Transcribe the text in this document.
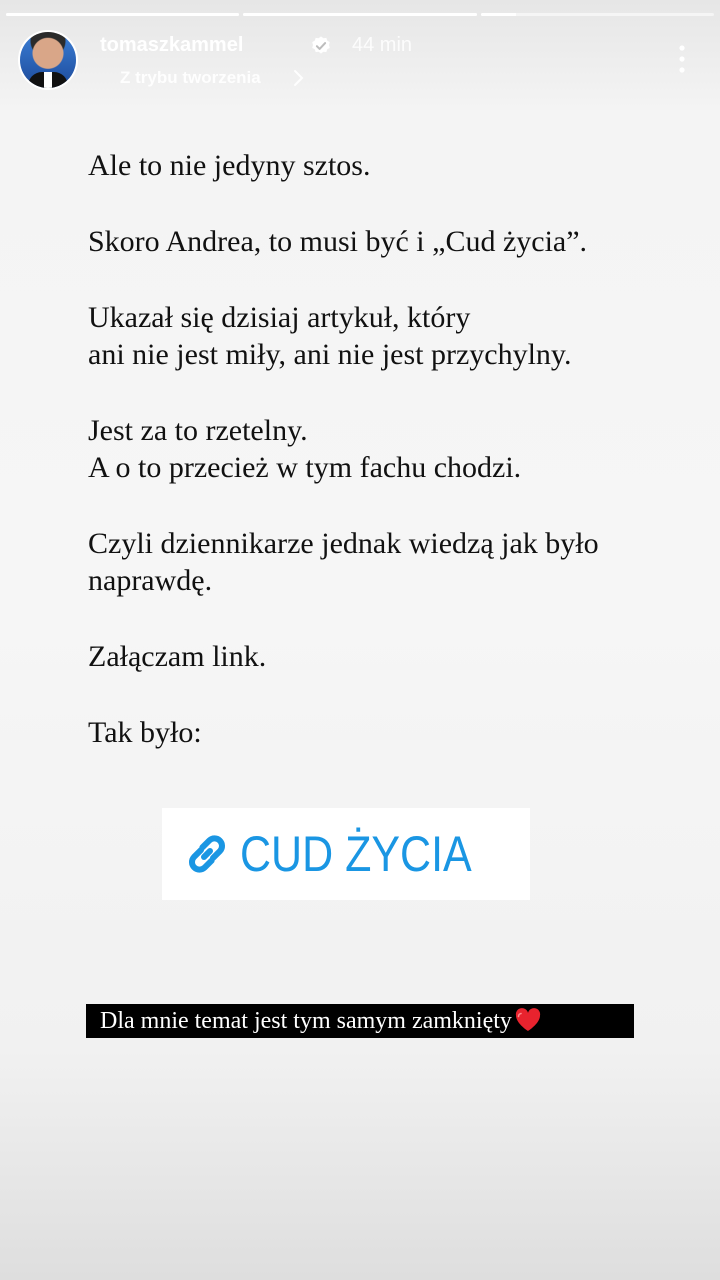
tomaszkammel	44 min
Z trybu tworzenia

Ale to nie jedyny sztos.

Skoro Andrea, to musi być i „Cud życia”.

Ukazał się dzisiaj artykuł, który
ani nie jest miły, ani nie jest przychylny.

Jest za to rzetelny.
A o to przecież w tym fachu chodzi.

Czyli dziennikarze jednak wiedzą jak było
naprawdę.

Załączam link.

Tak było:

CUD ŻYCIA
Dla mnie temat jest tym samym zamknięty
